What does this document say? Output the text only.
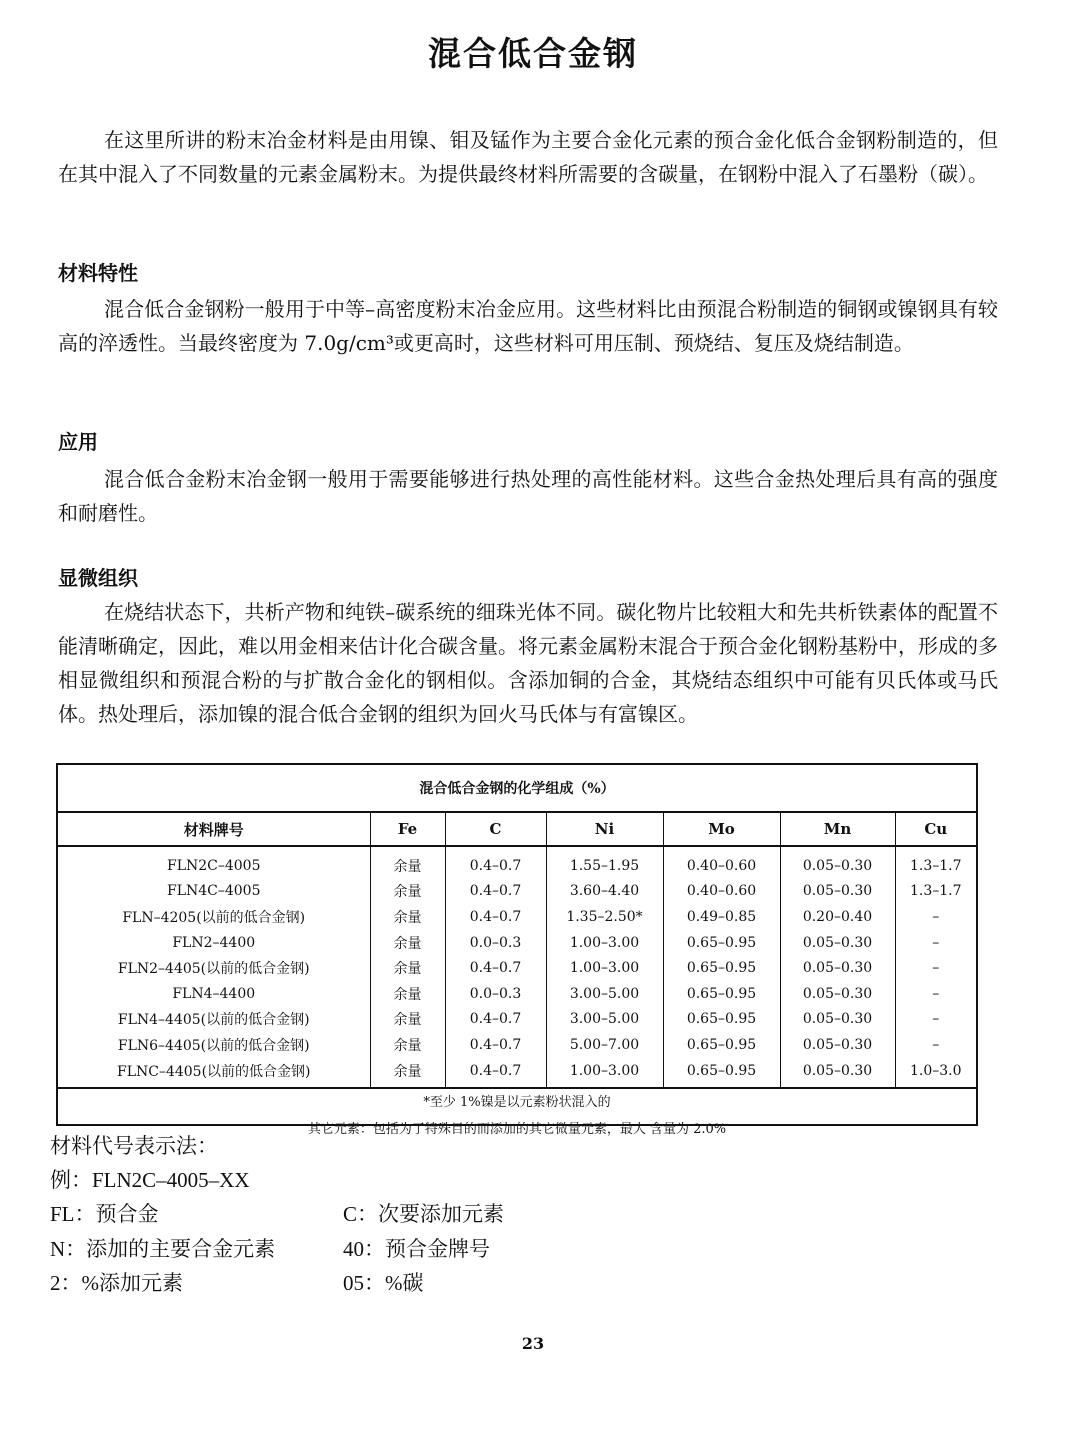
混合低合金钢

在这里所讲的粉末冶金材料是由用镍、钼及锰作为主要合金化元素的预合金化低合金钢粉制造的，但在其中混入了不同数量的元素金属粉末。为提供最终材料所需要的含碳量，在钢粉中混入了石墨粉（碳）。

材料特性

混合低合金钢粉一般用于中等–高密度粉末冶金应用。这些材料比由预混合粉制造的铜钢或镍钢具有较高的淬透性。当最终密度为 7.0g/cm³或更高时，这些材料可用压制、预烧结、复压及烧结制造。

应用

混合低合金粉末冶金钢一般用于需要能够进行热处理的高性能材料。这些合金热处理后具有高的强度和耐磨性。

显微组织

在烧结状态下，共析产物和纯铁–碳系统的细珠光体不同。碳化物片比较粗大和先共析铁素体的配置不能清晰确定，因此，难以用金相来估计化合碳含量。将元素金属粉末混合于预合金化钢粉基粉中，形成的多相显微组织和预混合粉的与扩散合金化的钢相似。含添加铜的合金，其烧结态组织中可能有贝氏体或马氏体。热处理后，添加镍的混合低合金钢的组织为回火马氏体与有富镍区。

混合低合金钢的化学组成（%）						
材料牌号	Fe	C	Ni	Mo	Mn	Cu
FLN2C–4005	余量	0.4–0.7	1.55–1.95	0.40–0.60	0.05–0.30	1.3–1.7
FLN4C–4005	余量	0.4–0.7	3.60–4.40	0.40–0.60	0.05–0.30	1.3–1.7
FLN–4205(以前的低合金钢)	余量	0.4–0.7	1.35–2.50*	0.49–0.85	0.20–0.40	–
FLN2–4400	余量	0.0–0.3	1.00–3.00	0.65–0.95	0.05–0.30	–
FLN2–4405(以前的低合金钢)	余量	0.4–0.7	1.00–3.00	0.65–0.95	0.05–0.30	–
FLN4–4400	余量	0.0–0.3	3.00–5.00	0.65–0.95	0.05–0.30	–
FLN4–4405(以前的低合金钢)	余量	0.4–0.7	3.00–5.00	0.65–0.95	0.05–0.30	–
FLN6–4405(以前的低合金钢)	余量	0.4–0.7	5.00–7.00	0.65–0.95	0.05–0.30	–
FLNC–4405(以前的低合金钢)	余量	0.4–0.7	1.00–3.00	0.65–0.95	0.05–0.30	1.0–3.0
*至少 1%镍是以元素粉状混入的						
其它元素：包括为了特殊目的而添加的其它微量元素，最大 含量为 2.0%						

材料代号表示法：

例：FLN2C–4005–XX

FL：预合金

N：添加的主要合金元素

2：%添加元素

C：次要添加元素

40：预合金牌号

05：%碳

23
